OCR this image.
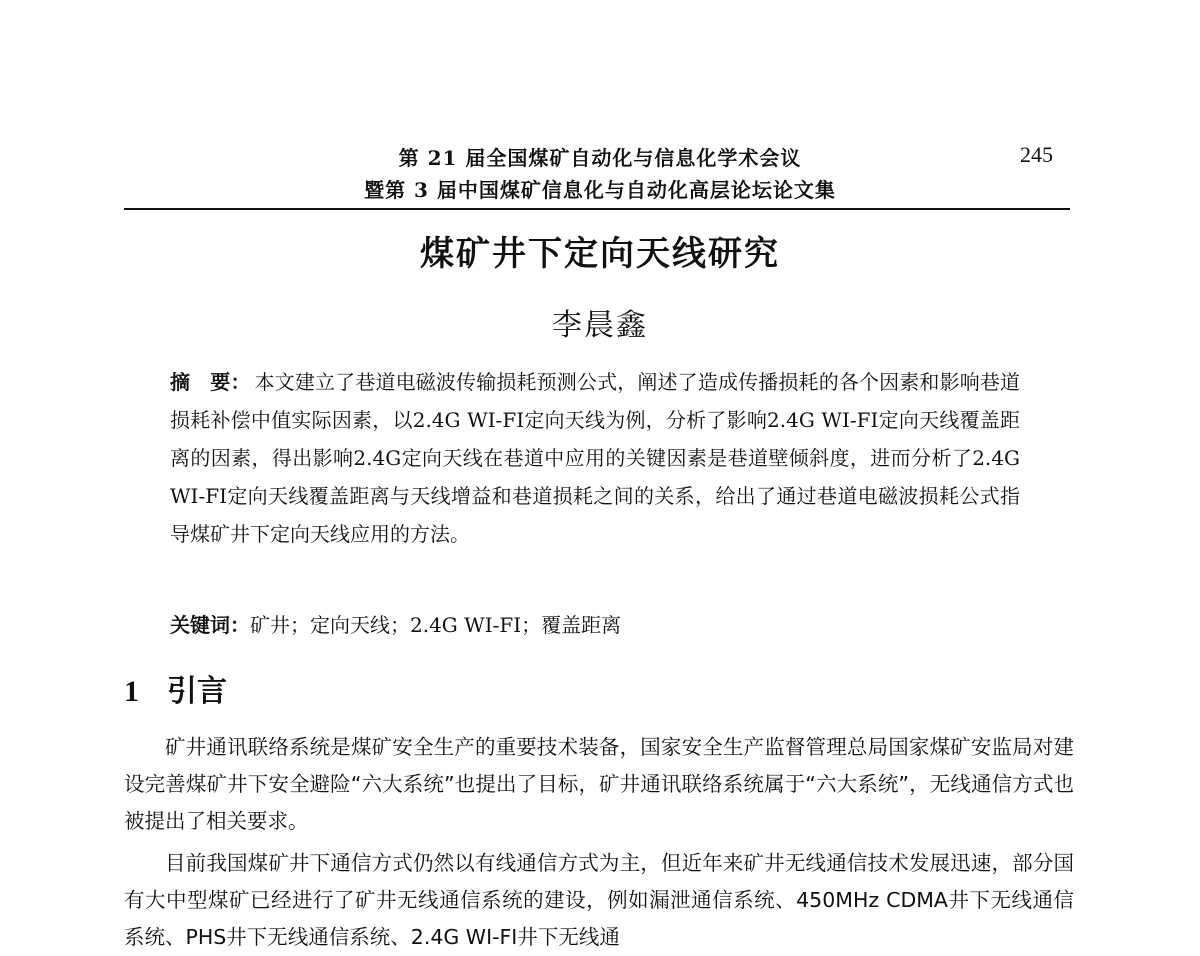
第 21 届全国煤矿自动化与信息化学术会议
暨第 3 届中国煤矿信息化与自动化高层论坛论文集
245
煤矿井下定向天线研究
李晨鑫
摘　要： 本文建立了巷道电磁波传输损耗预测公式，阐述了造成传播损耗的各个因素和影响巷道损耗补偿中值实际因素，以2.4G WI-FI定向天线为例，分析了影响2.4G WI-FI定向天线覆盖距离的因素，得出影响2.4G定向天线在巷道中应用的关键因素是巷道壁倾斜度，进而分析了2.4G WI-FI定向天线覆盖距离与天线增益和巷道损耗之间的关系，给出了通过巷道电磁波损耗公式指导煤矿井下定向天线应用的方法。
关键词：矿井；定向天线；2.4G WI-FI；覆盖距离
1 引言
矿井通讯联络系统是煤矿安全生产的重要技术装备，国家安全生产监督管理总局国家煤矿安监局对建设完善煤矿井下安全避险“六大系统”也提出了目标，矿井通讯联络系统属于“六大系统”，无线通信方式也被提出了相关要求。
目前我国煤矿井下通信方式仍然以有线通信方式为主，但近年来矿井无线通信技术发展迅速，部分国有大中型煤矿已经进行了矿井无线通信系统的建设，例如漏泄通信系统、450MHz CDMA井下无线通信系统、PHS井下无线通信系统、2.4G WI-FI井下无线通
